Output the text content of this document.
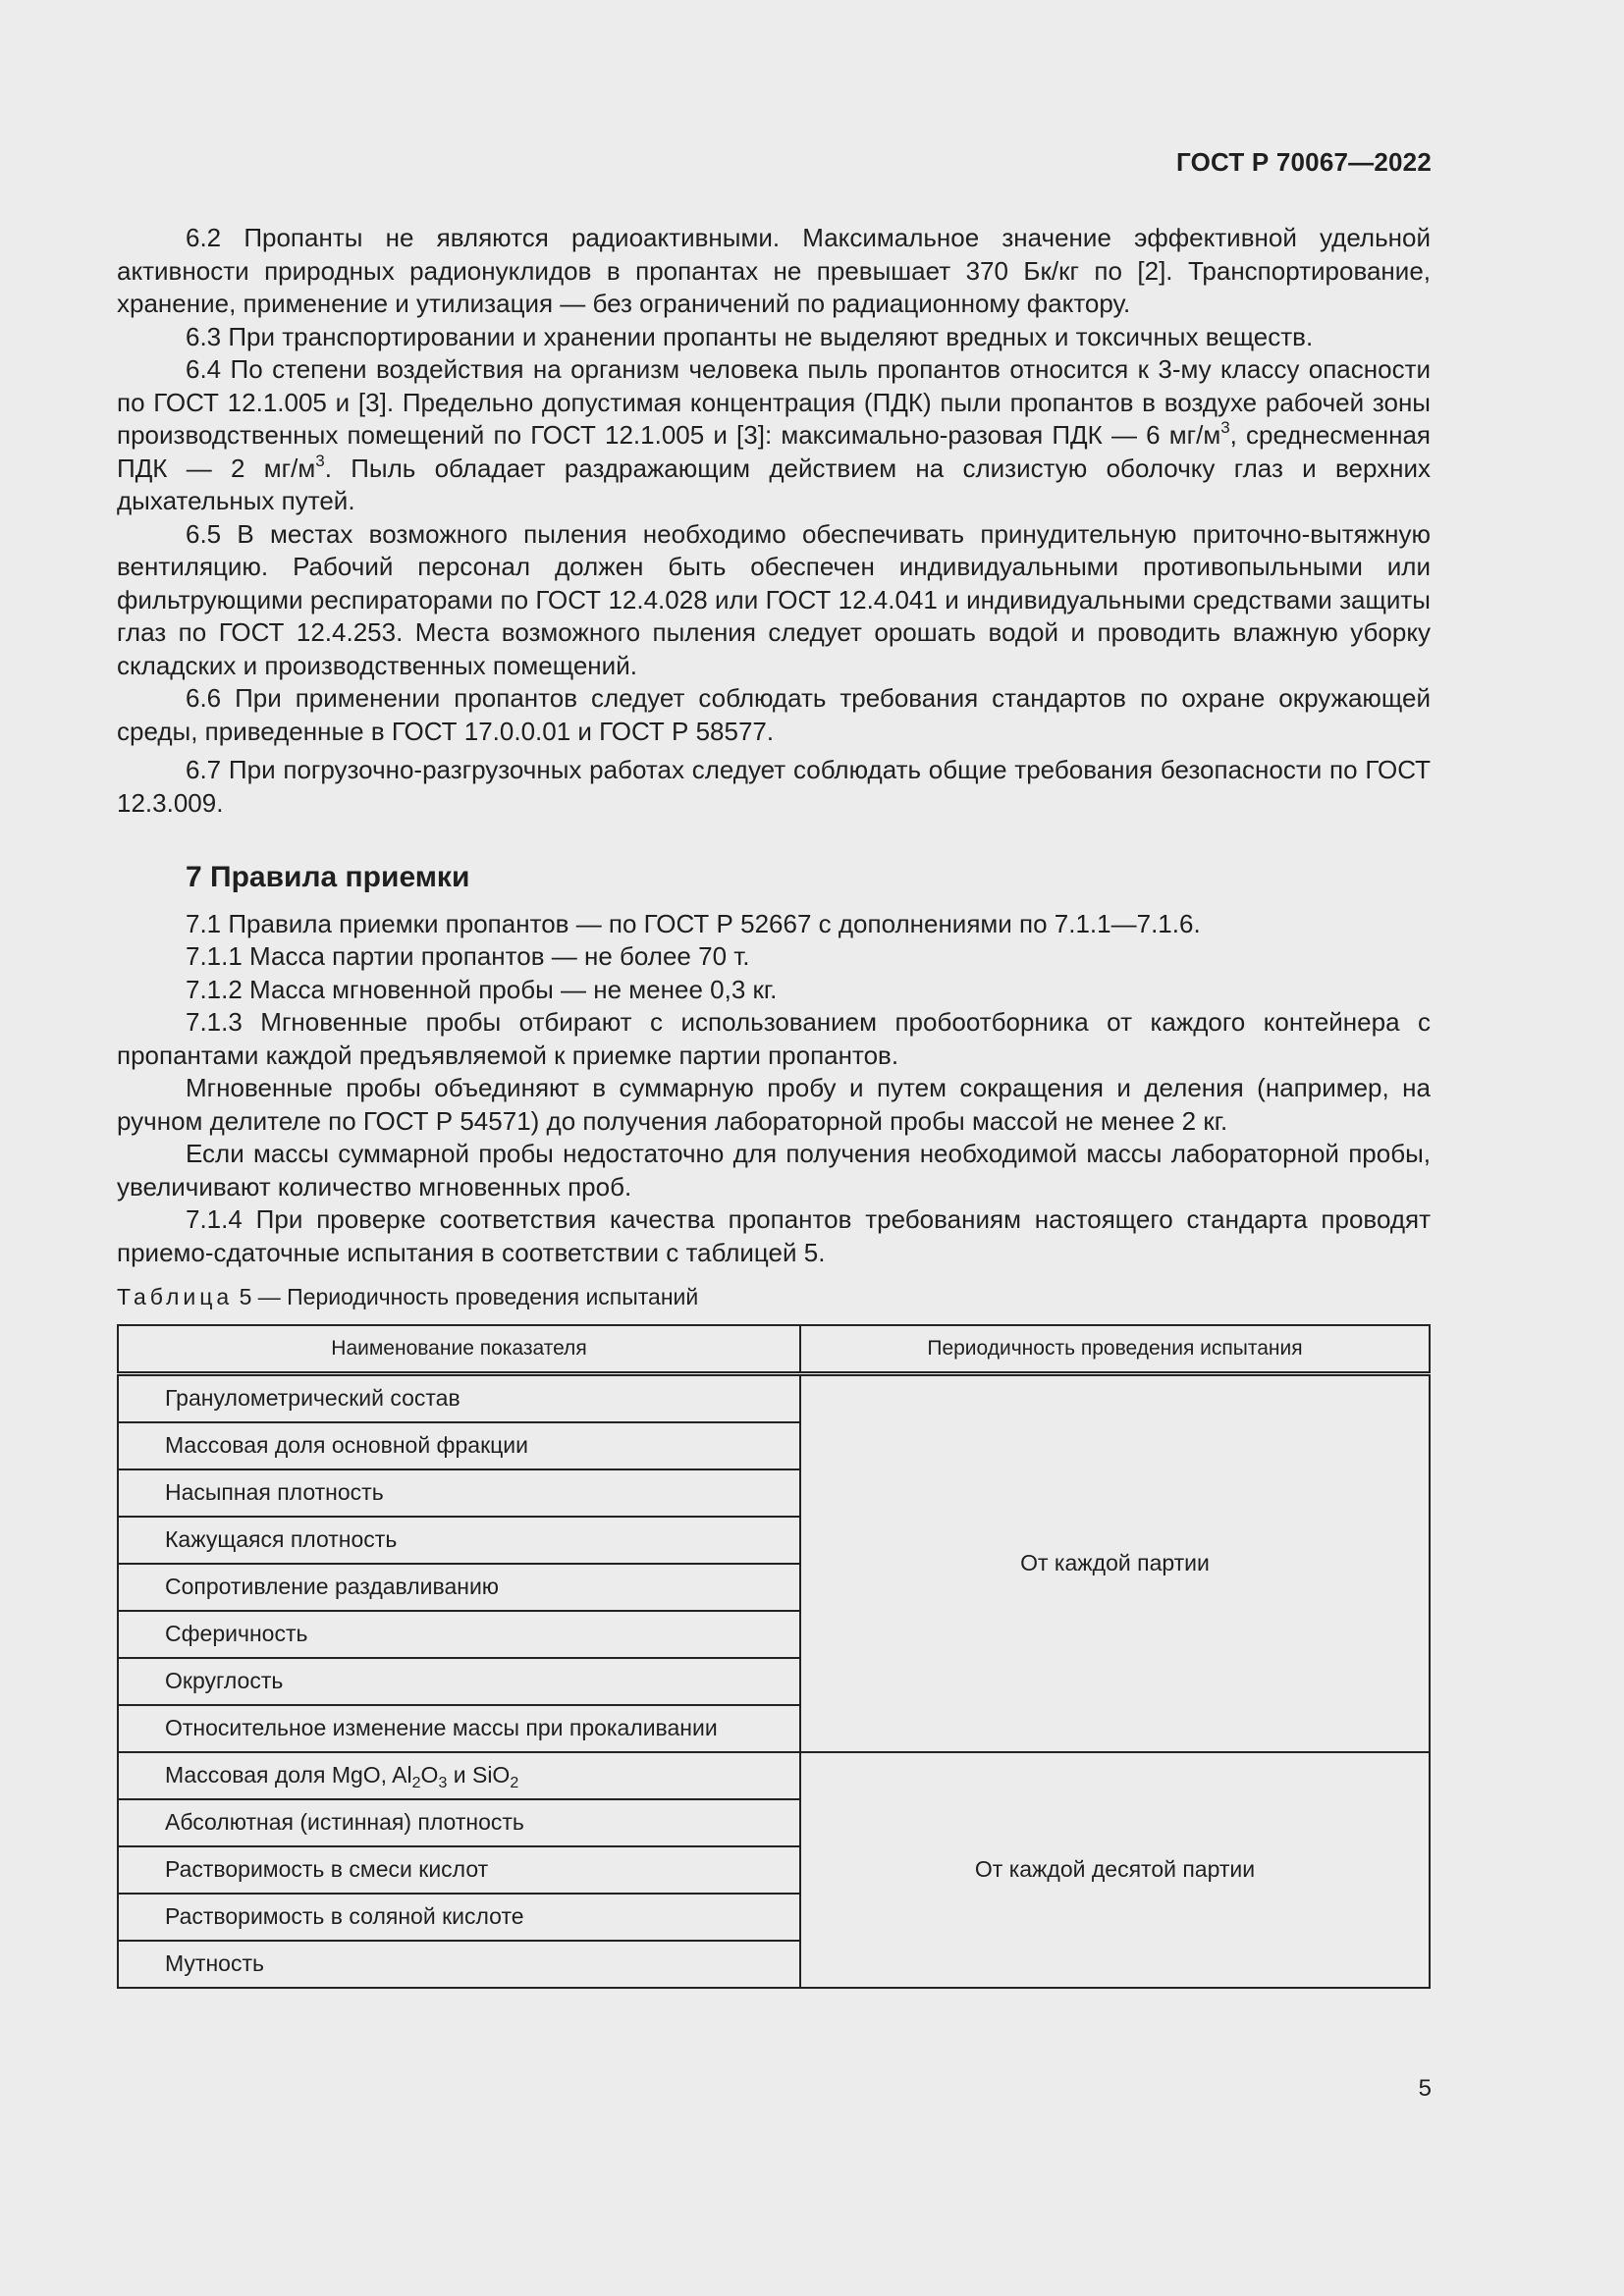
ГОСТ Р 70067—2022

6.2 Пропанты не являются радиоактивными. Максимальное значение эффективной удельной активности природных радионуклидов в пропантах не превышает 370 Бк/кг по [2]. Транспортирование, хранение, применение и утилизация — без ограничений по радиационному фактору.

6.3 При транспортировании и хранении пропанты не выделяют вредных и токсичных веществ.

6.4 По степени воздействия на организм человека пыль пропантов относится к 3-му классу опасности по ГОСТ 12.1.005 и [3]. Предельно допустимая концентрация (ПДК) пыли пропантов в воздухе рабочей зоны производственных помещений по ГОСТ 12.1.005 и [3]: максимально-разовая ПДК — 6 $мг/м^3$, среднесменная ПДК — 2 $мг/м^3$. Пыль обладает раздражающим действием на слизистую оболочку глаз и верхних дыхательных путей.

6.5 В местах возможного пыления необходимо обеспечивать принудительную приточно-вытяжную вентиляцию. Рабочий персонал должен быть обеспечен индивидуальными противопыльными или фильтрующими респираторами по ГОСТ 12.4.028 или ГОСТ 12.4.041 и индивидуальными средствами защиты глаз по ГОСТ 12.4.253. Места возможного пыления следует орошать водой и проводить влажную уборку складских и производственных помещений.

6.6 При применении пропантов следует соблюдать требования стандартов по охране окружающей среды, приведенные в ГОСТ 17.0.0.01 и ГОСТ Р 58577.

6.7 При погрузочно-разгрузочных работах следует соблюдать общие требования безопасности по ГОСТ 12.3.009.

7 Правила приемки

7.1 Правила приемки пропантов — по ГОСТ Р 52667 с дополнениями по 7.1.1—7.1.6.

7.1.1 Масса партии пропантов — не более 70 т.

7.1.2 Масса мгновенной пробы — не менее 0,3 кг.

7.1.3 Мгновенные пробы отбирают с использованием пробоотборника от каждого контейнера с пропантами каждой предъявляемой к приемке партии пропантов.

Мгновенные пробы объединяют в суммарную пробу и путем сокращения и деления (например, на ручном делителе по ГОСТ Р 54571) до получения лабораторной пробы массой не менее 2 кг.

Если массы суммарной пробы недостаточно для получения необходимой массы лабораторной пробы, увеличивают количество мгновенных проб.

7.1.4 При проверке соответствия качества пропантов требованиям настоящего стандарта проводят приемо-сдаточные испытания в соответствии с таблицей 5.

Таблица 5 — Периодичность проведения испытаний
Наименование показателя	Периодичность проведения испытания
Гранулометрический состав	От каждой партии
Массовая доля основной фракции	
Насыпная плотность	
Кажущаяся плотность	
Сопротивление раздавливанию	
Сферичность	
Округлость	
Относительное изменение массы при прокаливании	
Массовая доля MgO, $Al_2O_3$ и SiO$_2$	От каждой десятой партии
Абсолютная (истинная) плотность	
Растворимость в смеси кислот	
Растворимость в соляной кислоте	
Мутность	
5
